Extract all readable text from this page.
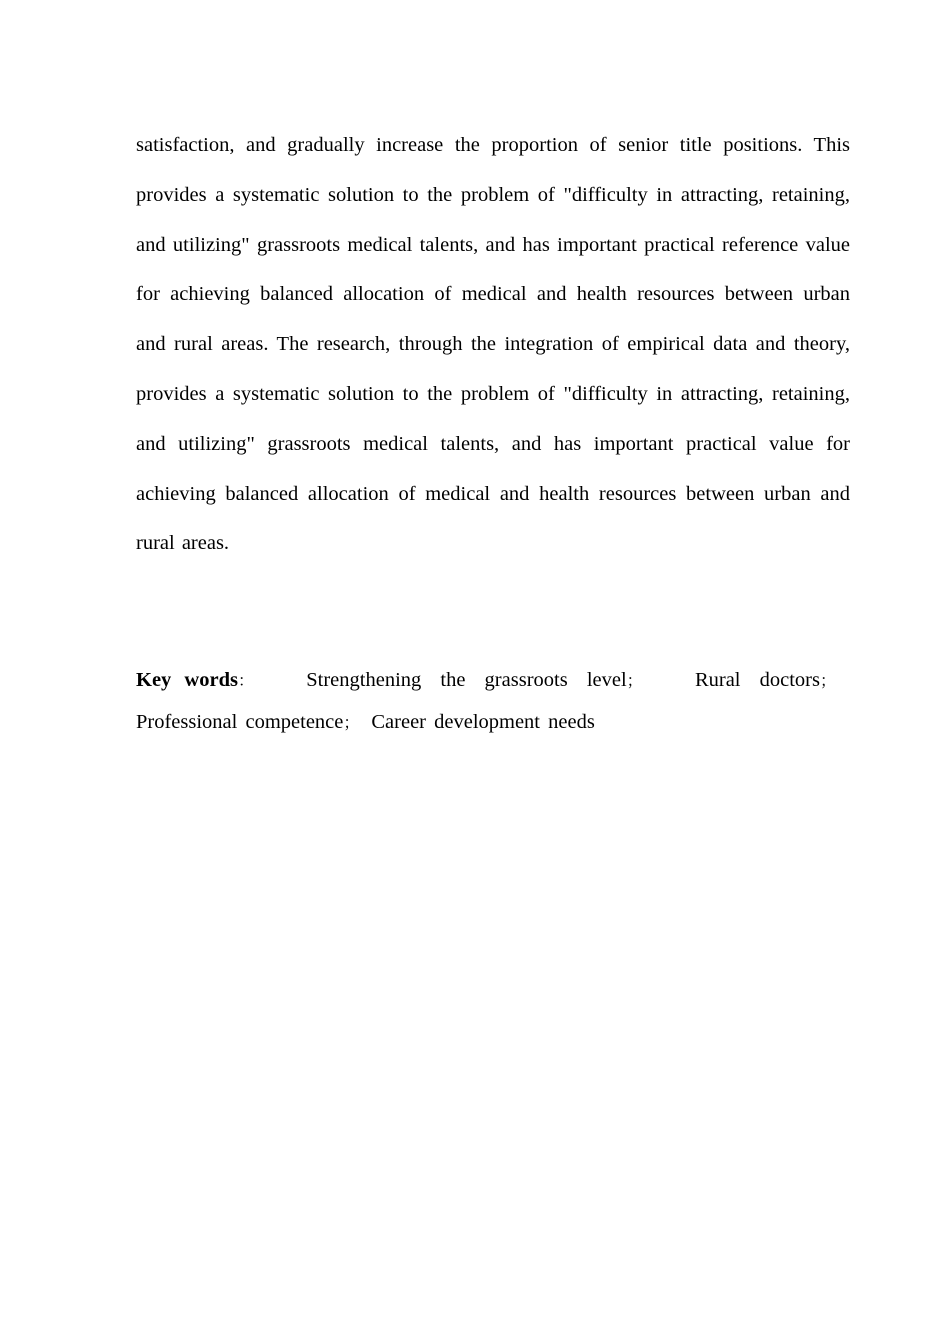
satisfaction, and gradually increase the proportion of senior title positions. This provides a systematic solution to the problem of "difficulty in attracting, retaining, and utilizing" grassroots medical talents, and has important practical reference value for achieving balanced allocation of medical and health resources between urban and rural areas. The research, through the integration of empirical data and theory, provides a systematic solution to the problem of "difficulty in attracting, retaining, and utilizing" grassroots medical talents, and has important practical value for achieving balanced allocation of medical and health resources between urban and rural areas.

Key words：	Strengthening the grassroots level；	Rural doctors；
Professional competence ； Career development needs
